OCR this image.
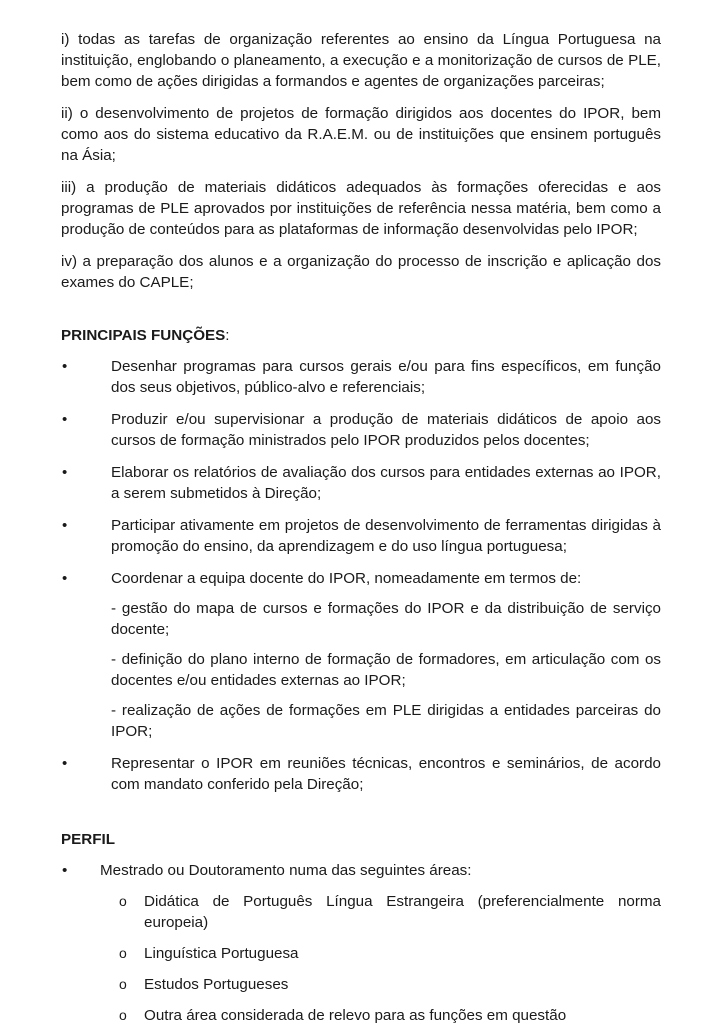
i) todas as tarefas de organização referentes ao ensino da Língua Portuguesa na instituição, englobando o planeamento, a execução e a monitorização de cursos de PLE, bem como de ações dirigidas a formandos e agentes de organizações parceiras;

ii) o desenvolvimento de projetos de formação dirigidos aos docentes do IPOR, bem como aos do sistema educativo da R.A.E.M. ou de instituições que ensinem português na Ásia;

iii) a produção de materiais didáticos adequados às formações oferecidas e aos programas de PLE aprovados por instituições de referência nessa matéria, bem como a produção de conteúdos para as plataformas de informação desenvolvidas pelo IPOR;

iv) a preparação dos alunos e a organização do processo de inscrição e aplicação dos exames do CAPLE;

PRINCIPAIS FUNÇÕES:

•	Desenhar programas para cursos gerais e/ou para fins específicos, em função dos seus objetivos, público-alvo e referenciais;
•	Produzir e/ou supervisionar a produção de materiais didáticos de apoio aos cursos de formação ministrados pelo IPOR produzidos pelos docentes;
•	Elaborar os relatórios de avaliação dos cursos para entidades externas ao IPOR, a serem submetidos à Direção;
•	Participar ativamente em projetos de desenvolvimento de ferramentas dirigidas à promoção do ensino, da aprendizagem e do uso língua portuguesa;
•	Coordenar a equipa docente do IPOR, nomeadamente em termos de:
- gestão do mapa de cursos e formações do IPOR e da distribuição de serviço docente;
- definição do plano interno de formação de formadores, em articulação com os docentes e/ou entidades externas ao IPOR;
- realização de ações de formações em PLE dirigidas a entidades parceiras do IPOR;
•	Representar o IPOR em reuniões técnicas, encontros e seminários, de acordo com mandato conferido pela Direção;

PERFIL

• Mestrado ou Doutoramento numa das seguintes áreas:
o Didática de Português Língua Estrangeira (preferencialmente norma europeia)
o Linguística Portuguesa
o Estudos Portugueses
o Outra área considerada de relevo para as funções em questão
